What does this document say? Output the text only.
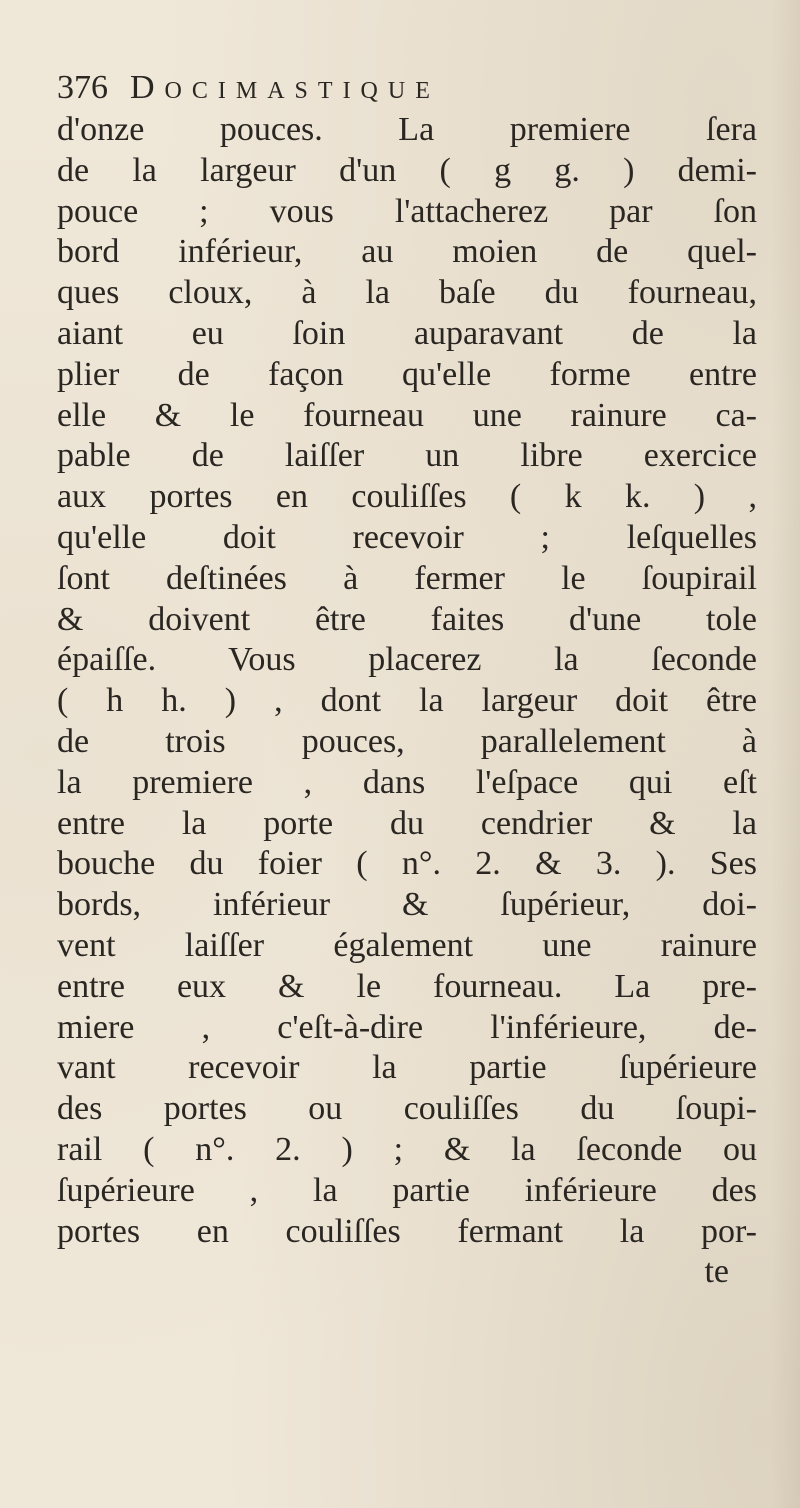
376 Docimastique
d'onze pouces. La premiere ſera
de la largeur d'un ( g g. ) demi-
pouce ; vous l'attacherez par ſon
bord inférieur, au moien de quel-
ques cloux, à la baſe du fourneau,
aiant eu ſoin auparavant de la
plier de façon qu'elle forme entre
elle & le fourneau une rainure ca-
pable de laiſſer un libre exercice
aux portes en couliſſes ( k k. ) ,
qu'elle doit recevoir ; leſquelles
ſont deſtinées à fermer le ſoupirail
& doivent être faites d'une tole
épaiſſe. Vous placerez la ſeconde
( h h. ) , dont la largeur doit être
de trois pouces, parallelement à
la premiere , dans l'eſpace qui eſt
entre la porte du cendrier & la
bouche du foier ( n°. 2. & 3. ). Ses
bords, inférieur & ſupérieur, doi-
vent laiſſer également une rainure
entre eux & le fourneau. La pre-
miere , c'eſt-à-dire l'inférieure, de-
vant recevoir la partie ſupérieure
des portes ou couliſſes du ſoupi-
rail ( n°. 2. ) ; & la ſeconde ou
ſupérieure , la partie inférieure des
portes en couliſſes fermant la por-
te
